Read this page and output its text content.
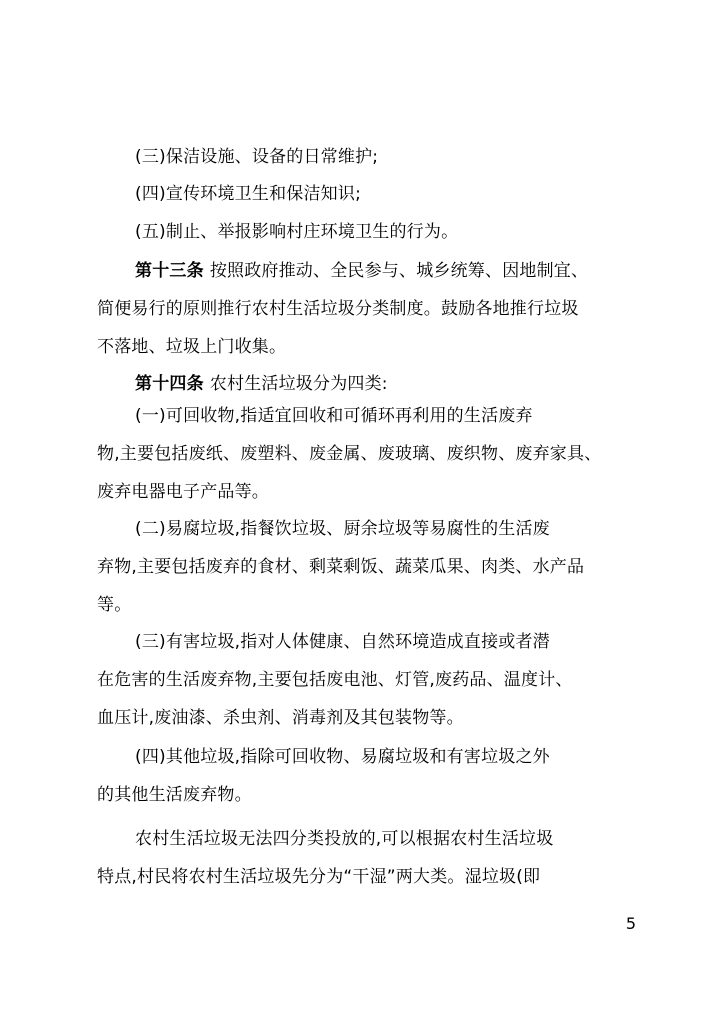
(三)保洁设施、设备的日常维护;
(四)宣传环境卫生和保洁知识;
(五)制止、举报影响村庄环境卫生的行为。
第十三条 按照政府推动、全民参与、城乡统筹、因地制宜、
简便易行的原则推行农村生活垃圾分类制度。鼓励各地推行垃圾
不落地、垃圾上门收集。
第十四条 农村生活垃圾分为四类:
(一)可回收物,指适宜回收和可循环再利用的生活废弃
物,主要包括废纸、废塑料、废金属、废玻璃、废织物、废弃家具、
废弃电器电子产品等。
(二)易腐垃圾,指餐饮垃圾、厨余垃圾等易腐性的生活废
弃物,主要包括废弃的食材、剩菜剩饭、蔬菜瓜果、肉类、水产品
等。
(三)有害垃圾,指对人体健康、自然环境造成直接或者潜
在危害的生活废弃物,主要包括废电池、灯管,废药品、温度计、
血压计,废油漆、杀虫剂、消毒剂及其包装物等。
(四)其他垃圾,指除可回收物、易腐垃圾和有害垃圾之外
的其他生活废弃物。
农村生活垃圾无法四分类投放的,可以根据农村生活垃圾
特点,村民将农村生活垃圾先分为“干湿”两大类。湿垃圾(即
5
